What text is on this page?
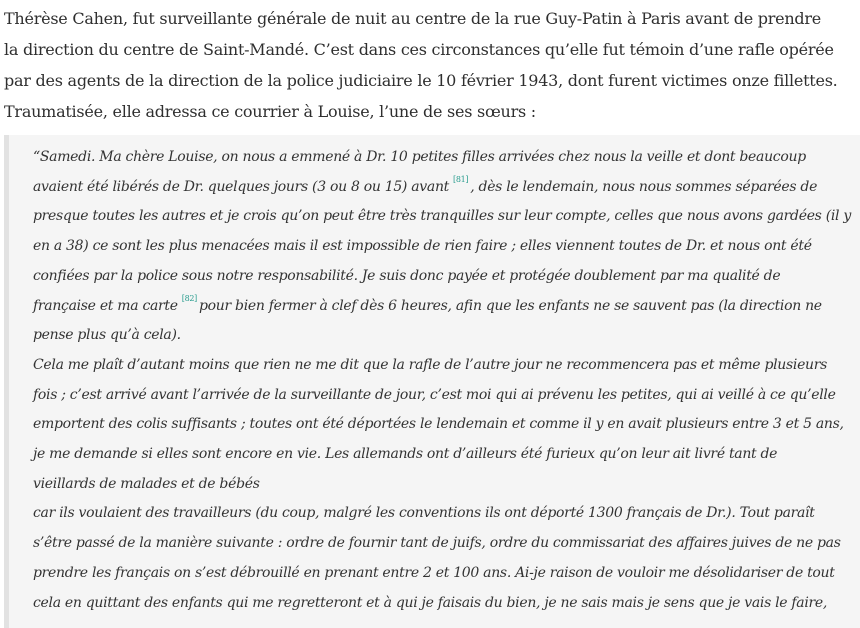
Thérèse Cahen, fut surveillante générale de nuit au centre de la rue Guy-Patin à Paris avant de prendre
la direction du centre de Saint-Mandé. C’est dans ces circonstances qu’elle fut témoin d’une rafle opérée
par des agents de la direction de la police judiciaire le 10 février 1943, dont furent victimes onze fillettes.
Traumatisée, elle adressa ce courrier à Louise, l’une de ses sœurs :
“Samedi. Ma chère Louise, on nous a emmené à Dr. 10 petites filles arrivées chez nous la veille et dont beaucoup
avaient été libérés de Dr. quelques jours (3 ou 8 ou 15) avant [81] , dès le lendemain, nous nous sommes séparées de
presque toutes les autres et je crois qu’on peut être très tranquilles sur leur compte, celles que nous avons gardées (il y
en a 38) ce sont les plus menacées mais il est impossible de rien faire ; elles viennent toutes de Dr. et nous ont été
confiées par la police sous notre responsabilité. Je suis donc payée et protégée doublement par ma qualité de
française et ma carte [82] pour bien fermer à clef dès 6 heures, afin que les enfants ne se sauvent pas (la direction ne
pense plus qu’à cela).
Cela me plaît d’autant moins que rien ne me dit que la rafle de l’autre jour ne recommencera pas et même plusieurs
fois ; c’est arrivé avant l’arrivée de la surveillante de jour, c’est moi qui ai prévenu les petites, qui ai veillé à ce qu’elle
emportent des colis suffisants ; toutes ont été déportées le lendemain et comme il y en avait plusieurs entre 3 et 5 ans,
je me demande si elles sont encore en vie. Les allemands ont d’ailleurs été furieux qu’on leur ait livré tant de
vieillards de malades et de bébés
car ils voulaient des travailleurs (du coup, malgré les conventions ils ont déporté 1300 français de Dr.). Tout paraît
s’être passé de la manière suivante : ordre de fournir tant de juifs, ordre du commissariat des affaires juives de ne pas
prendre les français on s’est débrouillé en prenant entre 2 et 100 ans. Ai-je raison de vouloir me désolidariser de tout
cela en quittant des enfants qui me regretteront et à qui je faisais du bien, je ne sais mais je sens que je vais le faire,
